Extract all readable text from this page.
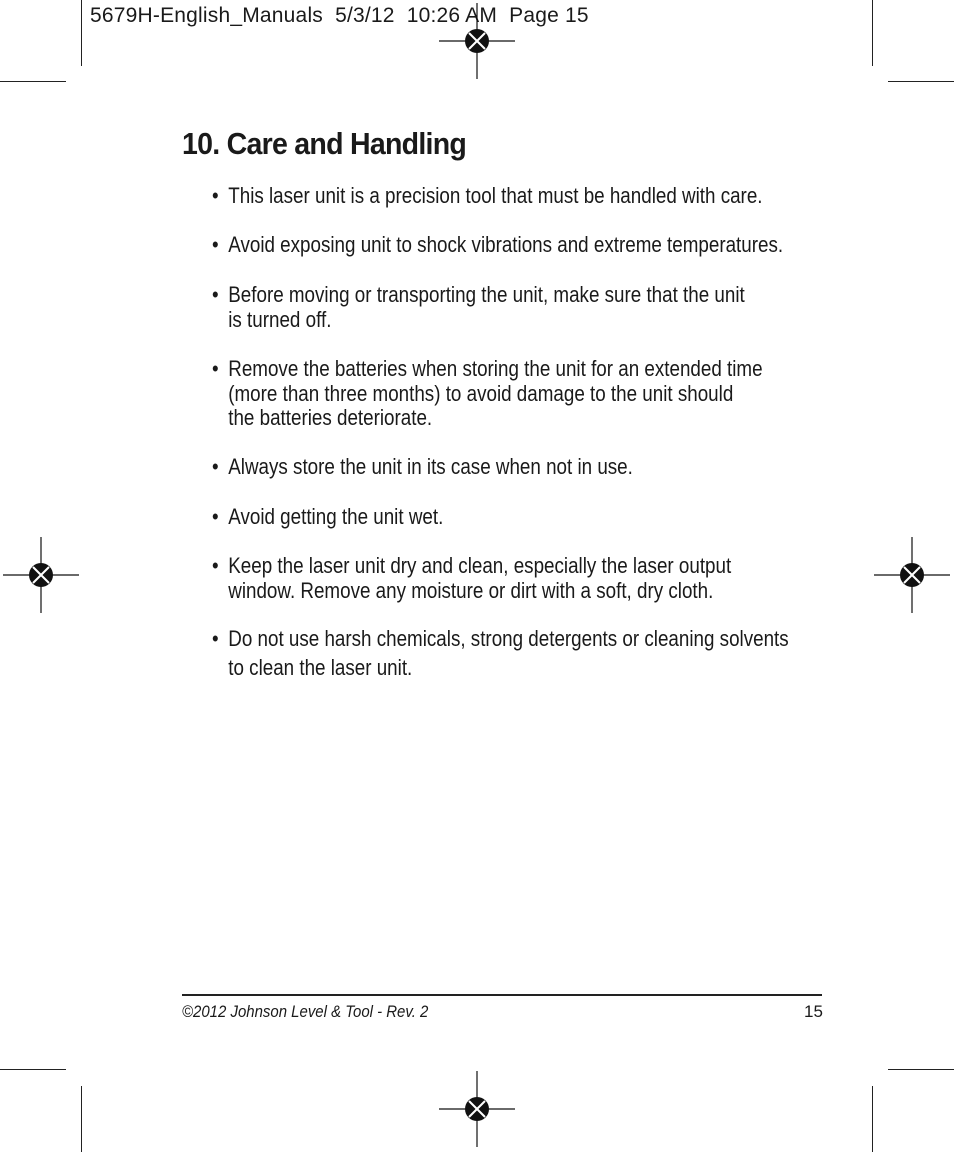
5679H-English_Manuals  5/3/12  10:26 AM  Page 15
10. Care and Handling
• This laser unit is a precision tool that must be handled with care.
• Avoid exposing unit to shock vibrations and extreme temperatures.
• Before moving or transporting the unit, make sure that the unit
is turned off.
• Remove the batteries when storing the unit for an extended time
(more than three months) to avoid damage to the unit should
the batteries deteriorate.
• Always store the unit in its case when not in use.
• Avoid getting the unit wet.
• Keep the laser unit dry and clean, especially the laser output
window. Remove any moisture or dirt with a soft, dry cloth.
• Do not use harsh chemicals, strong detergents or cleaning solvents
to clean the laser unit.
©2012 Johnson Level & Tool - Rev. 2	15
